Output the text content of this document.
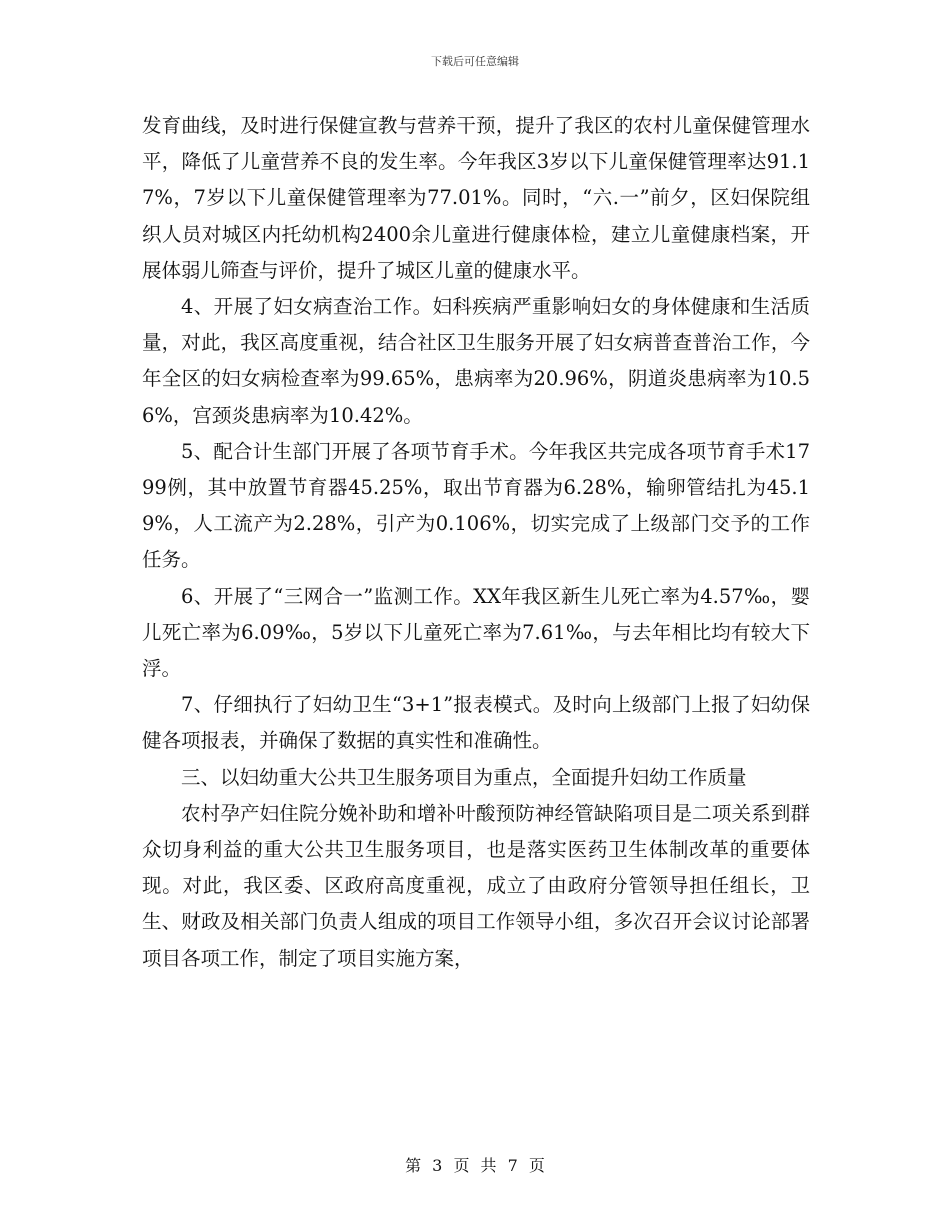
下载后可任意编辑

发育曲线，及时进行保健宣教与营养干预，提升了我区的农村儿童保健管理水平，降低了儿童营养不良的发生率。今年我区3岁以下儿童保健管理率达91.17%，7岁以下儿童保健管理率为77.01%。同时，“六.一”前夕，区妇保院组织人员对城区内托幼机构2400余儿童进行健康体检，建立儿童健康档案，开展体弱儿筛查与评价，提升了城区儿童的健康水平。

4、开展了妇女病查治工作。妇科疾病严重影响妇女的身体健康和生活质量，对此，我区高度重视，结合社区卫生服务开展了妇女病普查普治工作，今年全区的妇女病检查率为99.65%，患病率为20.96%，阴道炎患病率为10.56%，宫颈炎患病率为10.42%。

5、配合计生部门开展了各项节育手术。今年我区共完成各项节育手术1799例，其中放置节育器45.25%，取出节育器为6.28%，输卵管结扎为45.19%，人工流产为2.28%，引产为0.106%，切实完成了上级部门交予的工作任务。

6、开展了“三网合一”监测工作。XX年我区新生儿死亡率为4.57‰，婴儿死亡率为6.09‰，5岁以下儿童死亡率为7.61‰，与去年相比均有较大下浮。

7、仔细执行了妇幼卫生“3+1”报表模式。及时向上级部门上报了妇幼保健各项报表，并确保了数据的真实性和准确性。

三、以妇幼重大公共卫生服务项目为重点，全面提升妇幼工作质量

农村孕产妇住院分娩补助和增补叶酸预防神经管缺陷项目是二项关系到群众切身利益的重大公共卫生服务项目，也是落实医药卫生体制改革的重要体现。对此，我区委、区政府高度重视，成立了由政府分管领导担任组长，卫生、财政及相关部门负责人组成的项目工作领导小组，多次召开会议讨论部署项目各项工作，制定了项目实施方案，

第 3 页 共 7 页
